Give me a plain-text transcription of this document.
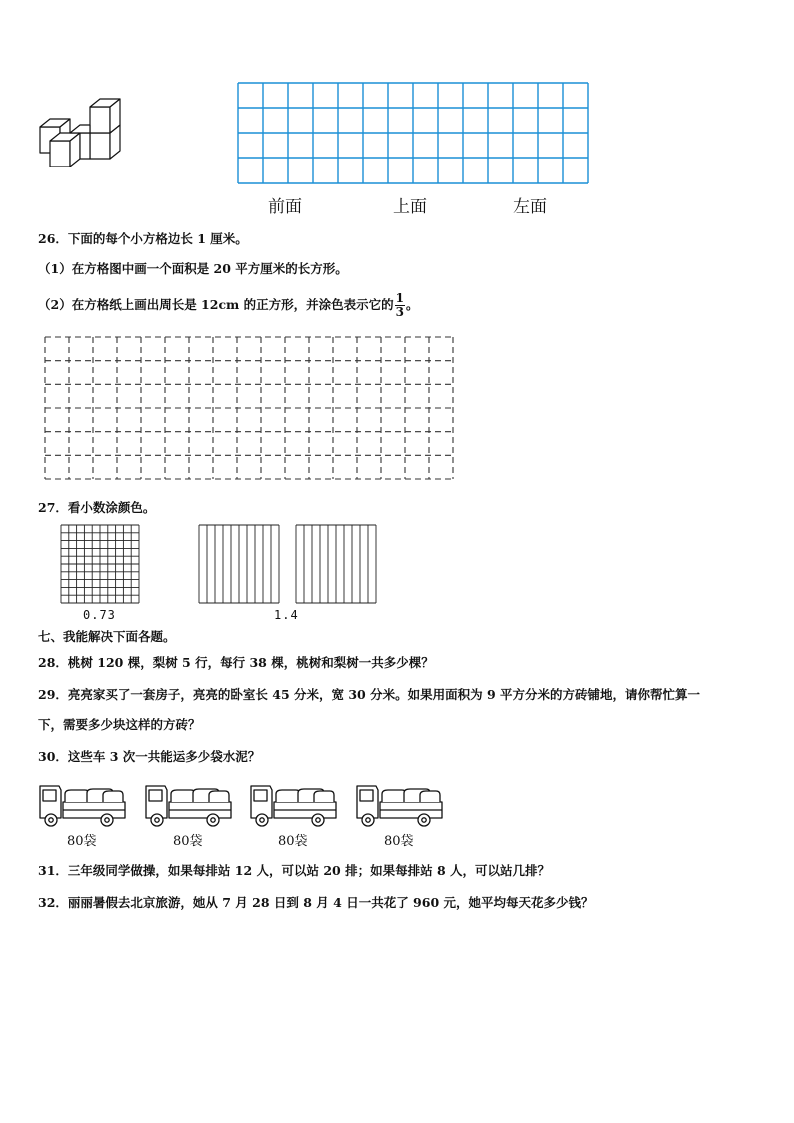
前面	上面	左面
26．下面的每个小方格边长 1 厘米。
（1）在方格图中画一个面积是 20 平方厘米的长方形。
（2）在方格纸上画出周长是 12cm 的正方形，并涂色表示它的 $\frac{1}{3}$ 。
27．看小数涂颜色。
0.73	1.4
七、我能解决下面各题。
28．桃树 120 棵，梨树 5 行，每行 38 棵，桃树和梨树一共多少棵？
29．亮亮家买了一套房子，亮亮的卧室长 45 分米，宽 30 分米。如果用面积为 9 平方分米的方砖铺地，请你帮忙算一
下，需要多少块这样的方砖？
30．这些车 3 次一共能运多少袋水泥？
80袋	80袋	80袋	80袋
31．三年级同学做操，如果每排站 12 人，可以站 20 排；如果每排站 8 人，可以站几排？
32．丽丽暑假去北京旅游，她从 7 月 28 日到 8 月 4 日一共花了 960 元，她平均每天花多少钱？
